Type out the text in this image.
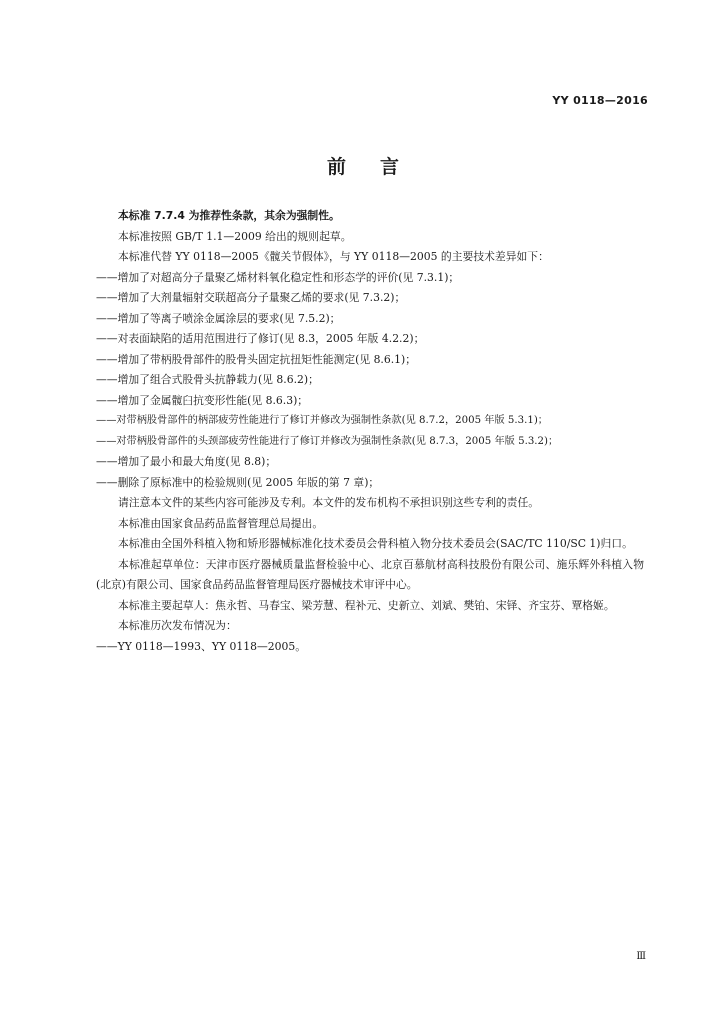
YY 0118—2016
前言

本标准 7.7.4 为推荐性条款，其余为强制性。

本标准按照 GB/T 1.1—2009 给出的规则起草。

本标准代替 YY 0118—2005《髋关节假体》，与 YY 0118—2005 的主要技术差异如下：

——增加了对超高分子量聚乙烯材料氧化稳定性和形态学的评价(见 7.3.1)；

——增加了大剂量辐射交联超高分子量聚乙烯的要求(见 7.3.2)；

——增加了等离子喷涂金属涂层的要求(见 7.5.2)；

——对表面缺陷的适用范围进行了修订(见 8.3，2005 年版 4.2.2)；

——增加了带柄股骨部件的股骨头固定抗扭矩性能测定(见 8.6.1)；

——增加了组合式股骨头抗静载力(见 8.6.2)；

——增加了金属髋臼抗变形性能(见 8.6.3)；

——对带柄股骨部件的柄部疲劳性能进行了修订并修改为强制性条款(见 8.7.2，2005 年版 5.3.1)；

——对带柄股骨部件的头颈部疲劳性能进行了修订并修改为强制性条款(见 8.7.3，2005 年版 5.3.2)；

——增加了最小和最大角度(见 8.8)；

——删除了原标准中的检验规则(见 2005 年版的第 7 章)；

请注意本文件的某些内容可能涉及专利。本文件的发布机构不承担识别这些专利的责任。

本标准由国家食品药品监督管理总局提出。

本标准由全国外科植入物和矫形器械标准化技术委员会骨科植入物分技术委员会(SAC/TC 110/SC 1)归口。

本标准起草单位：天津市医疗器械质量监督检验中心、北京百慕航材高科技股份有限公司、施乐辉外科植入物(北京)有限公司、国家食品药品监督管理局医疗器械技术审评中心。

本标准主要起草人：焦永哲、马春宝、梁芳慧、程补元、史新立、刘斌、樊铂、宋铎、齐宝芬、覃格姬。

本标准历次发布情况为：

——YY 0118—1993、YY 0118—2005。

Ⅲ
